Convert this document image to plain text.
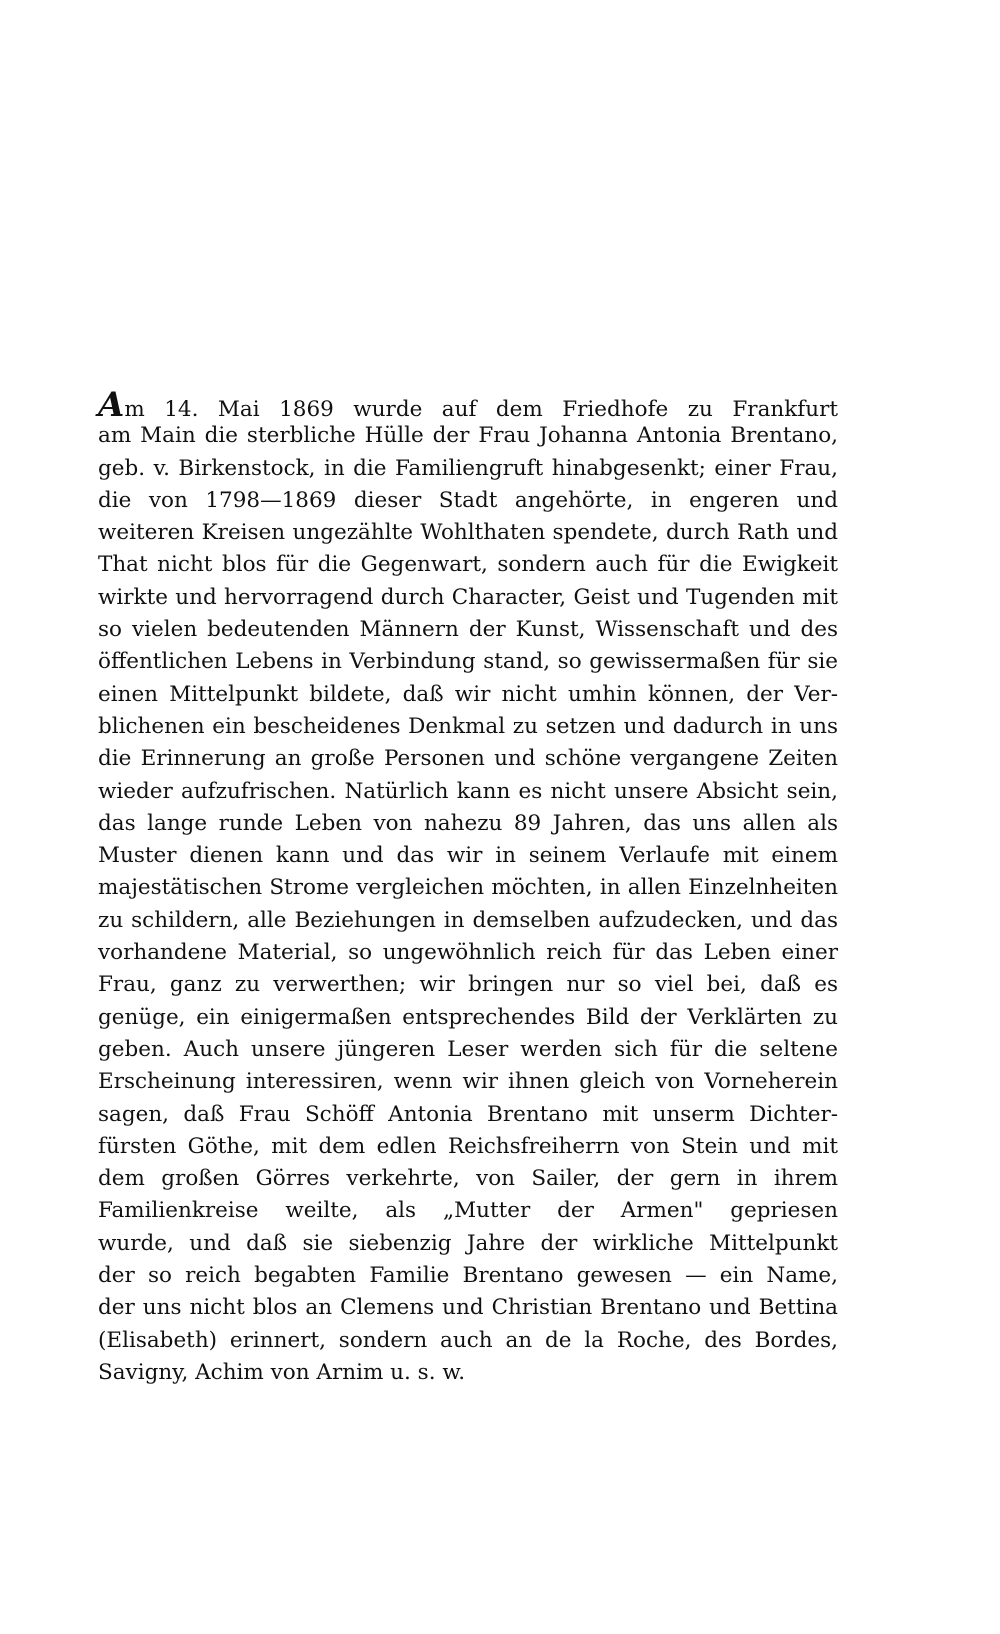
Am 14. Mai 1869 wurde auf dem Friedhofe zu Frankfurt
am Main die sterbliche Hülle der Frau Johanna Antonia Brentano,
geb. v. Birkenstock, in die Familiengruft hinabgesenkt; einer Frau,
die von 1798—1869 dieser Stadt angehörte, in engeren und
weiteren Kreisen ungezählte Wohlthaten spendete, durch Rath und
That nicht blos für die Gegenwart, sondern auch für die Ewigkeit
wirkte und hervorragend durch Character, Geist und Tugenden mit
so vielen bedeutenden Männern der Kunst, Wissenschaft und des
öffentlichen Lebens in Verbindung stand, so gewissermaßen für sie
einen Mittelpunkt bildete, daß wir nicht umhin können, der Ver-
blichenen ein bescheidenes Denkmal zu setzen und dadurch in uns
die Erinnerung an große Personen und schöne vergangene Zeiten
wieder aufzufrischen. Natürlich kann es nicht unsere Absicht sein,
das lange runde Leben von nahezu 89 Jahren, das uns allen als
Muster dienen kann und das wir in seinem Verlaufe mit einem
majestätischen Strome vergleichen möchten, in allen Einzelnheiten
zu schildern, alle Beziehungen in demselben aufzudecken, und das
vorhandene Material, so ungewöhnlich reich für das Leben einer
Frau, ganz zu verwerthen; wir bringen nur so viel bei, daß es
genüge, ein einigermaßen entsprechendes Bild der Verklärten zu
geben. Auch unsere jüngeren Leser werden sich für die seltene
Erscheinung interessiren, wenn wir ihnen gleich von Vorneherein
sagen, daß Frau Schöff Antonia Brentano mit unserm Dichter-
fürsten Göthe, mit dem edlen Reichsfreiherrn von Stein und mit
dem großen Görres verkehrte, von Sailer, der gern in ihrem
Familienkreise weilte, als „Mutter der Armen" gepriesen
wurde, und daß sie siebenzig Jahre der wirkliche Mittelpunkt
der so reich begabten Familie Brentano gewesen — ein Name,
der uns nicht blos an Clemens und Christian Brentano und Bettina
(Elisabeth) erinnert, sondern auch an de la Roche, des Bordes,
Savigny, Achim von Arnim u. s. w.
